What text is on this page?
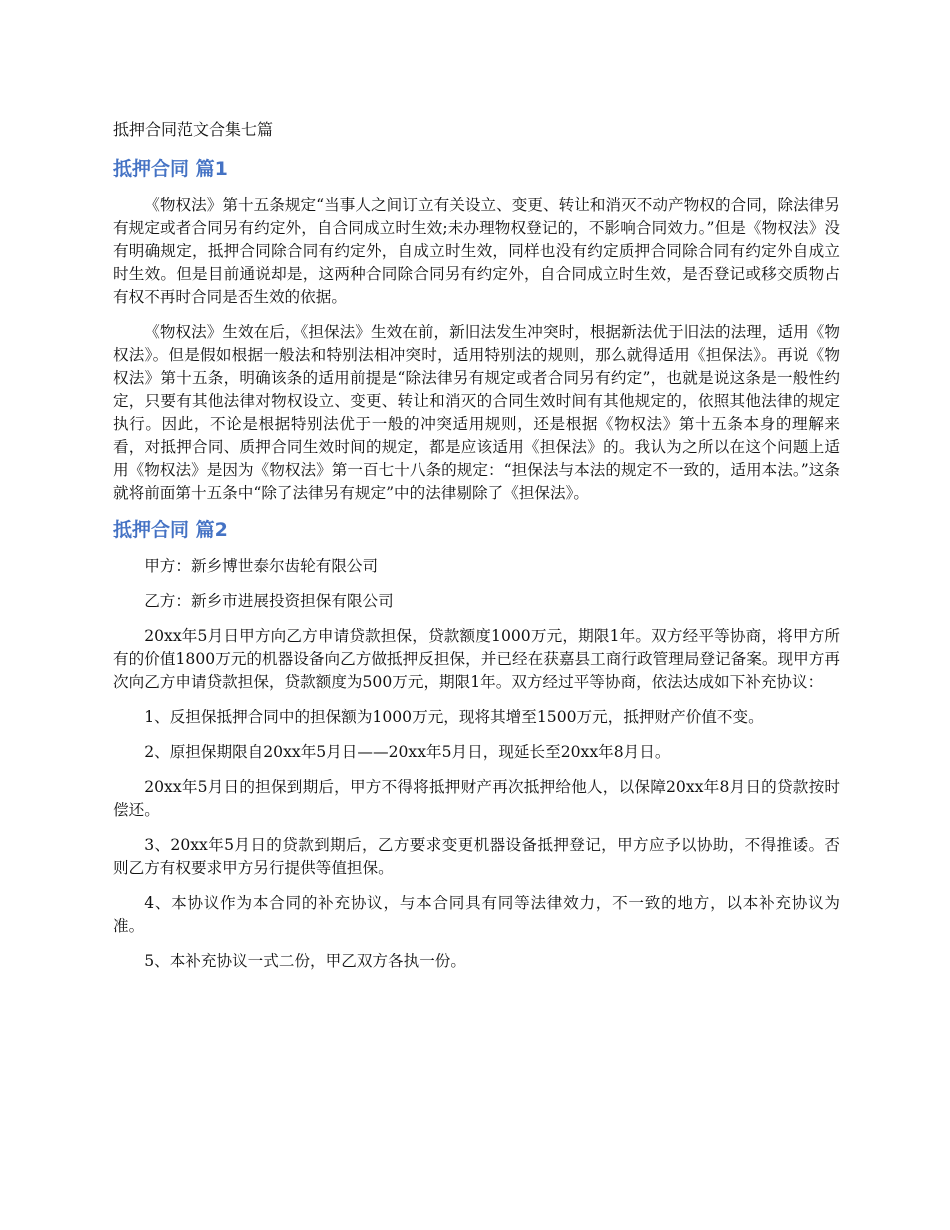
抵押合同范文合集七篇
抵押合同 篇1

《物权法》第十五条规定“当事人之间订立有关设立、变更、转让和消灭不动产物权的合同，除法律另有规定或者合同另有约定外，自合同成立时生效;未办理物权登记的，不影响合同效力。”但是《物权法》没有明确规定，抵押合同除合同有约定外，自成立时生效，同样也没有约定质押合同除合同有约定外自成立时生效。但是目前通说却是，这两种合同除合同另有约定外，自合同成立时生效，是否登记或移交质物占有权不再时合同是否生效的依据。

《物权法》生效在后，《担保法》生效在前，新旧法发生冲突时，根据新法优于旧法的法理，适用《物权法》。但是假如根据一般法和特别法相冲突时，适用特别法的规则，那么就得适用《担保法》。再说《物权法》第十五条，明确该条的适用前提是“除法律另有规定或者合同另有约定”，也就是说这条是一般性约定，只要有其他法律对物权设立、变更、转让和消灭的合同生效时间有其他规定的，依照其他法律的规定执行。因此，不论是根据特别法优于一般的冲突适用规则，还是根据《物权法》第十五条本身的理解来看，对抵押合同、质押合同生效时间的规定，都是应该适用《担保法》的。我认为之所以在这个问题上适用《物权法》是因为《物权法》第一百七十八条的规定：“担保法与本法的规定不一致的，适用本法。”这条就将前面第十五条中“除了法律另有规定”中的法律剔除了《担保法》。

抵押合同 篇2

甲方：新乡博世泰尔齿轮有限公司

乙方：新乡市进展投资担保有限公司

20xx年5月日甲方向乙方申请贷款担保，贷款额度1000万元，期限1年。双方经平等协商，将甲方所有的价值1800万元的机器设备向乙方做抵押反担保，并已经在获嘉县工商行政管理局登记备案。现甲方再次向乙方申请贷款担保，贷款额度为500万元，期限1年。双方经过平等协商，依法达成如下补充协议：

1、反担保抵押合同中的担保额为1000万元，现将其增至1500万元，抵押财产价值不变。

2、原担保期限自20xx年5月日——20xx年5月日，现延长至20xx年8月日。

20xx年5月日的担保到期后，甲方不得将抵押财产再次抵押给他人，以保障20xx年8月日的贷款按时偿还。

3、20xx年5月日的贷款到期后，乙方要求变更机器设备抵押登记，甲方应予以协助，不得推诿。否则乙方有权要求甲方另行提供等值担保。

4、本协议作为本合同的补充协议，与本合同具有同等法律效力，不一致的地方，以本补充协议为准。

5、本补充协议一式二份，甲乙双方各执一份。
